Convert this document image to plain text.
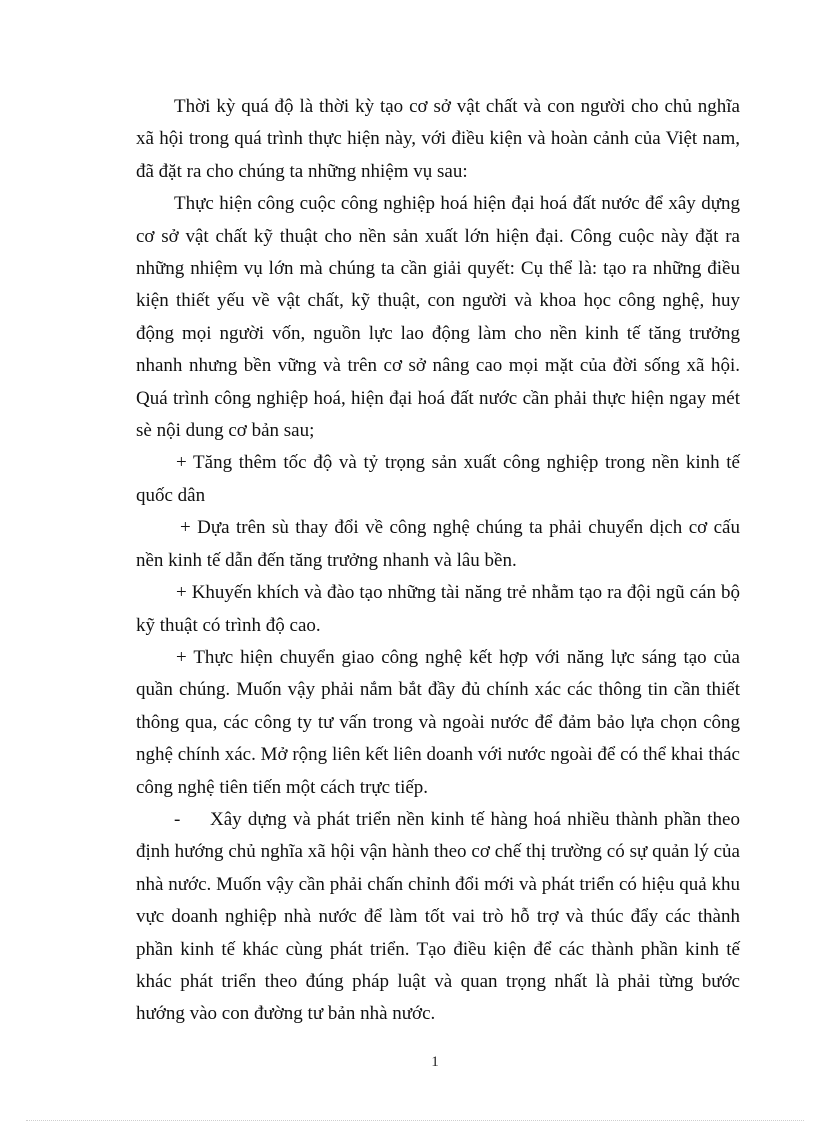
Thời kỳ quá độ là thời kỳ tạo cơ sở vật chất và con người cho chủ nghĩa xã hội trong quá trình thực hiện này, với điều kiện và hoàn cảnh của Việt nam, đã đặt ra cho chúng ta những nhiệm vụ sau:

Thực hiện công cuộc công nghiệp hoá hiện đại hoá đất nước để xây dựng cơ sở vật chất kỹ thuật cho nền sản xuất lớn hiện đại. Công cuộc này đặt ra những nhiệm vụ lớn mà chúng ta cần giải quyết: Cụ thể là: tạo ra những điều kiện thiết yếu về vật chất, kỹ thuật, con người và khoa học công nghệ, huy động mọi người vốn, nguồn lực lao động làm cho nền kinh tế tăng trưởng nhanh nhưng bền vững và trên cơ sở nâng cao mọi mặt của đời sống xã hội. Quá trình công nghiệp hoá, hiện đại hoá đất nước cần phải thực hiện ngay mét sè nội dung cơ bản sau;

+ Tăng thêm tốc độ và tỷ trọng sản xuất công nghiệp trong nền kinh tế quốc dân

+ Dựa trên sù thay đổi về công nghệ chúng ta phải chuyển dịch cơ cấu nền kinh tế dẫn đến tăng trưởng nhanh và lâu bền.

+ Khuyến khích và đào tạo những tài năng trẻ nhằm tạo ra đội ngũ cán bộ kỹ thuật có trình độ cao.

+ Thực hiện chuyển giao công nghệ kết hợp với năng lực sáng tạo của quần chúng. Muốn vậy phải nắm bắt đầy đủ chính xác các thông tin cần thiết thông qua, các công ty tư vấn trong và ngoài nước để đảm bảo lựa chọn công nghệ chính xác. Mở rộng liên kết liên doanh với nước ngoài để có thể khai thác công nghệ tiên tiến một cách trực tiếp.

- Xây dựng và phát triển nền kinh tế hàng hoá nhiều thành phần theo định hướng chủ nghĩa xã hội vận hành theo cơ chế thị trường có sự quản lý của nhà nước. Muốn vậy cần phải chấn chỉnh đổi mới và phát triển có hiệu quả khu vực doanh nghiệp nhà nước để làm tốt vai trò hỗ trợ và thúc đẩy các thành phần kinh tế khác cùng phát triển. Tạo điều kiện để các thành phần kinh tế khác phát triển theo đúng pháp luật và quan trọng nhất là phải từng bước hướng vào con đường tư bản nhà nước.

1
